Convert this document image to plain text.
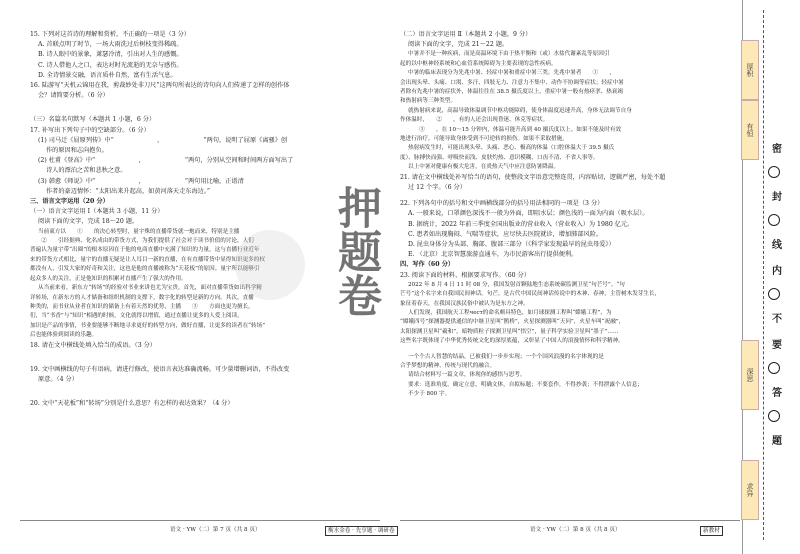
15. 下列对这首诗的理解和赏析，不正确的一项是（3 分）
A. 首联点明了时节，一场大雨洗过后树枝变得稀疏。
B. 诗人眼中的景象，萧瑟冷清，引出对人生的感慨。
C. 诗人借他人之口，表达对时光流逝的无奈与感伤。
D. 全诗情景交融，语言质朴自然，富有生活气息。
16. 陆游写“天机云锦用在我，剪裁妙处非刀尺”这两句所表达的诗句向人们传递了怎样的创作体
会？请简要分析。（6 分）
（三）名篇名句默写（本题共 1 小题，6 分）
17. 补写出下列句子中的空缺部分。（6 分）
(1) 司马迁《屈原列传》中“　　　　　　　，　　　　　　　”两句，说明了屈原《离骚》创
作的原因和志向抱负。
(2) 杜甫《登高》中“　　　　　　　，　　　　　　　”两句，分别从空间和时间两方面写出了
诗人的漂泊之苦和悲秋之意。
(3) 韩愈《师说》中“　　　　　　　，　　　　　　　”两句用比喻，正谱清
作者的豪迈情怀：“太阳出来升起高，如黄河落天走东海边。”
三、语言文字运用（20 分）
（一）语言文字运用 Ⅰ（本题共 3 小题，11 分）
阅读下面的文字，完成 18～20 题。
当前東方以　　①　　的决心转型时，量宇殊的直播带货就一炮而来，特别是主播
　　②　　引经据典、化名成由的带货方式，为我们提供了社会对于读书价值的讨论，人们
普遍认为量宇带“出圈”的根本原因在于他的电商直播中充满了知识的力量，这与直播行业近年
来的带货方式相比，量宇的直播无疑是让人耳目一新的直播，在有直播带货中显得知识更多的权
都没有人，引发大家的好奇和关注，这也是他的直播被称为“天花板”的原因。量宇所以能够引
起众多人的关注，正是他知识的积累对直播产生了强大的作用。
从当前来看，新东方“转场”的经验对书业来讲也尤为宝贵。首先，面对直播带货如出科学精
详转场，在新东方的人才储备和组织机制的支撑下，数字化的转型是新的方向。其次，直播
种类的，而书业从业者在知识的储备上有着天然的优势，主播　　③　　方面也更为擅长，
们，当“书香”与“知识”相遇的时候，文化就得以增值，通过直播让更多的人爱上阅读。
加识是产品的事情，书业要能够不断地寻求更好的转型方向，做好直播，让更多的读者在“转场”
后也能体验到阅读的乐趣。
18. 请在文中横线处填入恰当的成语。（3 分）
19. 文中画横线的句子有语病，请进行修改，使语言表达准确流畅。可少量增删词语，不得改变
原意。（4 分）
20. 文中“天花板”和“转场”分别是什么意思？有怎样的表达效果？（4 分）
（二）语言文字运用 Ⅱ（本题共 2 小题，9 分）
阅读下面的文字，完成 21～22 题。
中暑并不是一种疾病，而是高温环境下由于热平衡和（或）水盐代谢紊乱等原因引
起的以中枢神经系统和心血管系统障碍为主要表现的急性疾病。
中暑的临床表现分为先兆中暑、轻症中暑和重症中暑三类。先兆中暑者　　①　　，
会出现头晕、头痛、口渴、多汗、四肢无力、注意力不集中、动作不协调等症状；轻症中暑
者除有先兆中暑的症状外，体温往往在 38.5 摄氏度以上，重症中暑一般有热痉挛、热衰竭
和热射病等三种类型。
就热射病来说，高温导致体温调节中枢功能障碍，使身体温度迅速升高，身体无法调节自身
作体温时，　　②　　，有的人还会出现昏迷、休克等症状。
　　③　　，在 10～15 分钟内，体温可能升高到 40 摄氏度以上。如果不能及时有效
地进行治疗，可能导致身体受到不可逆转的损伤。如果不采取措施,
热射病发生时，可能出现头晕、头痛、恶心、极高的体温（口腔体温大于 39.5 摄氏
度）、脉搏快而强、呼吸快而浅、皮肤灼热、意识模糊、口齿不清、不省人事等。
以上中暑对健康有极大危害，在炎热天气中应注意防暑降温。
21. 请在文中横线处补写恰当的语句，使整段文字语意完整连贯，内容贴切，逻辑严密，每处不超
过 12 个字。（6 分）
22. 下列各句中的括号和文中画横线部分的括号用法相同的一项是（3 分）
A. 一般来说，口罩颜色深浅不一般为外面，即阻水层；颜色浅的一面为内面（吸水层）。
B. 据统计，2022 年前三季度全国出版业的营业收入（营业收入）为 1980 亿元。
C. 患者如出现胸闷、气喘等症状，应尽快去医院就诊，增加肺部风险。
D. 昆虫身体分为头部、胸部、腹部三部分（《科学家发现最早的昆虫母爱》）
E. （北京）北京智慧旅游直通车，为市民游客出行提供便利。
四、写作（60 分）
23. 阅读下面的材料，根据要求写作。（60 分）
2022 年 8 月 4 日 11 时 08 分，我国发射首颗陆地生态系统碳监测卫星“句芒号”。“句
芒号”这个名字来自我国民间神话。句芒，是古代中国民间神话传说中的木神、春神，主管树木发芽生长，
象征着春天，在我国汉族民俗中被认为是东方之神。
人们发现，我国航天工程чест的命名颇具特色，如月球探测工程叫“嫦娥工程”，为
“嫦娥四号”探测器提供通信的中继卫星叫“鹊桥”，火星探测器叫“天问”，火星车叫“祝融”，
太阳探测卫星叫“羲和”，暗物质粒子探测卫星叫“悟空”，量子科学实验卫星叫“墨子”……
这些名字既体现了中华优秀传统文化的深厚底蕴，又彰显了中国人的浪漫情怀和科学精神。
一个个古人智慧的结晶，已被我们一步步实现；一个个国风浪漫的名字体现的是
合乎梦想的精神、传统与现代的融合。
请结合材料写一篇文章，体现你的感悟与思考。
要求：选准角度，确定立意，明确文体，自拟标题；不要套作，不得抄袭；不得泄露个人信息；
不少于 800 字。
押题卷
语文 · YW（二）第 7 页（共 8 页）	衡水金卷 · 先享题 · 调研卷	语文 · YW（二）第 8 页（共 8 页）	新教材
厚积
有恒
深思
求异
密
封
线
内
不
要
答
题
